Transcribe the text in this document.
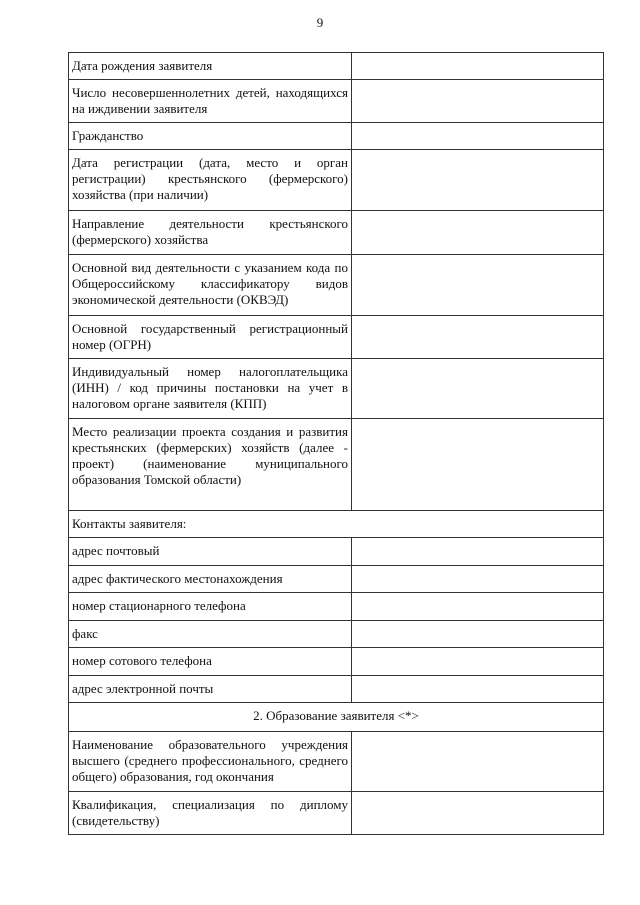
9
Дата рождения заявителя	
Число несовершеннолетних детей, находящихся на иждивении заявителя	
Гражданство	
Дата регистрации (дата, место и орган регистрации) крестьянского (фермерского) хозяйства (при наличии)	
Направление деятельности крестьянского (фермерского) хозяйства	
Основной вид деятельности с указанием кода по Общероссийскому классификатору видов экономической деятельности (ОКВЭД)	
Основной государственный регистрационный номер (ОГРН)	
Индивидуальный номер налогоплательщика (ИНН) / код причины постановки на учет в налоговом органе заявителя (КПП)	
Место реализации проекта создания и развития крестьянских (фермерских) хозяйств (далее - проект) (наименование муниципального образования Томской области)	
Контакты заявителя:	
адрес почтовый	
адрес фактического местонахождения	
номер стационарного телефона	
факс	
номер сотового телефона	
адрес электронной почты	
2. Образование заявителя <*>	
Наименование образовательного учреждения высшего (среднего профессионального, среднего общего) образования, год окончания	
Квалификация, специализация по диплому (свидетельству)	
